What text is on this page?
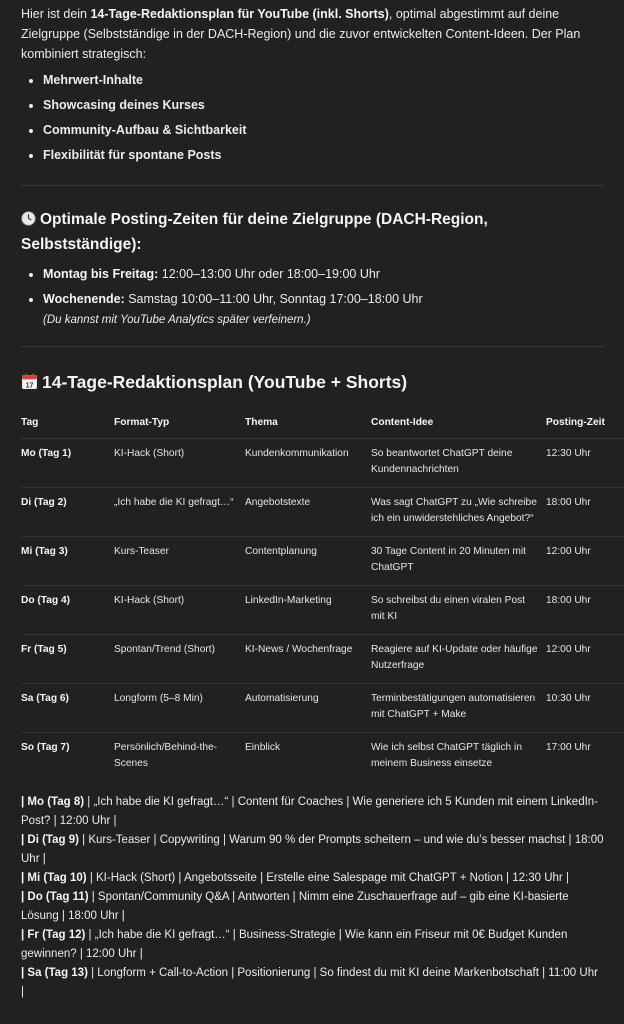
Hier ist dein 14-Tage-Redaktionsplan für YouTube (inkl. Shorts), optimal abgestimmt auf deine Zielgruppe (Selbstständige in der DACH-Region) und die zuvor entwickelten Content-Ideen. Der Plan kombiniert strategisch:

• Mehrwert-Inhalte
• Showcasing deines Kurses
• Community-Aufbau & Sichtbarkeit
• Flexibilität für spontane Posts
Optimale Posting-Zeiten für deine Zielgruppe (DACH-Region, Selbstständige):
• Montag bis Freitag: 12:00–13:00 Uhr oder 18:00–19:00 Uhr
• Wochenende: Samstag 10:00–11:00 Uhr, Sonntag 17:00–18:00 Uhr
(Du kannst mit YouTube Analytics später verfeinern.)
17 14-Tage-Redaktionsplan (YouTube + Shorts)
Tag	Format-Typ	Thema	Content-Idee	Posting-Zeit
Mo (Tag 1)	KI-Hack (Short)	Kundenkommunikation	So beantwortet ChatGPT deine Kundennachrichten	12:30 Uhr
Di (Tag 2)	„Ich habe die KI gefragt…“	Angebotstexte	Was sagt ChatGPT zu „Wie schreibe ich ein unwiderstehliches Angebot?“	18:00 Uhr
Mi (Tag 3)	Kurs-Teaser	Contentplanung	30 Tage Content in 20 Minuten mit ChatGPT	12:00 Uhr
Do (Tag 4)	KI-Hack (Short)	LinkedIn-Marketing	So schreibst du einen viralen Post mit KI	18:00 Uhr
Fr (Tag 5)	Spontan/Trend (Short)	KI-News / Wochenfrage	Reagiere auf KI-Update oder häufige Nutzerfrage	12:00 Uhr
Sa (Tag 6)	Longform (5–8 Min)	Automatisierung	Terminbestätigungen automatisieren mit ChatGPT + Make	10:30 Uhr
So (Tag 7)	Persönlich/Behind-the-Scenes	Einblick	Wie ich selbst ChatGPT täglich in meinem Business einsetze	17:00 Uhr

| Mo (Tag 8) | „Ich habe die KI gefragt…“ | Content für Coaches | Wie generiere ich 5 Kunden mit einem LinkedIn-Post? | 12:00 Uhr |

| Di (Tag 9) | Kurs-Teaser | Copywriting | Warum 90 % der Prompts scheitern – und wie du’s besser machst | 18:00 Uhr |

| Mi (Tag 10) | KI-Hack (Short) | Angebotsseite | Erstelle eine Salespage mit ChatGPT + Notion | 12:30 Uhr |

| Do (Tag 11) | Spontan/Community Q&A | Antworten | Nimm eine Zuschauerfrage auf – gib eine KI-basierte Lösung | 18:00 Uhr |

| Fr (Tag 12) | „Ich habe die KI gefragt…“ | Business-Strategie | Wie kann ein Friseur mit 0€ Budget Kunden gewinnen? | 12:00 Uhr |

| Sa (Tag 13) | Longform + Call-to-Action | Positionierung | So findest du mit KI deine Markenbotschaft | 11:00 Uhr |
